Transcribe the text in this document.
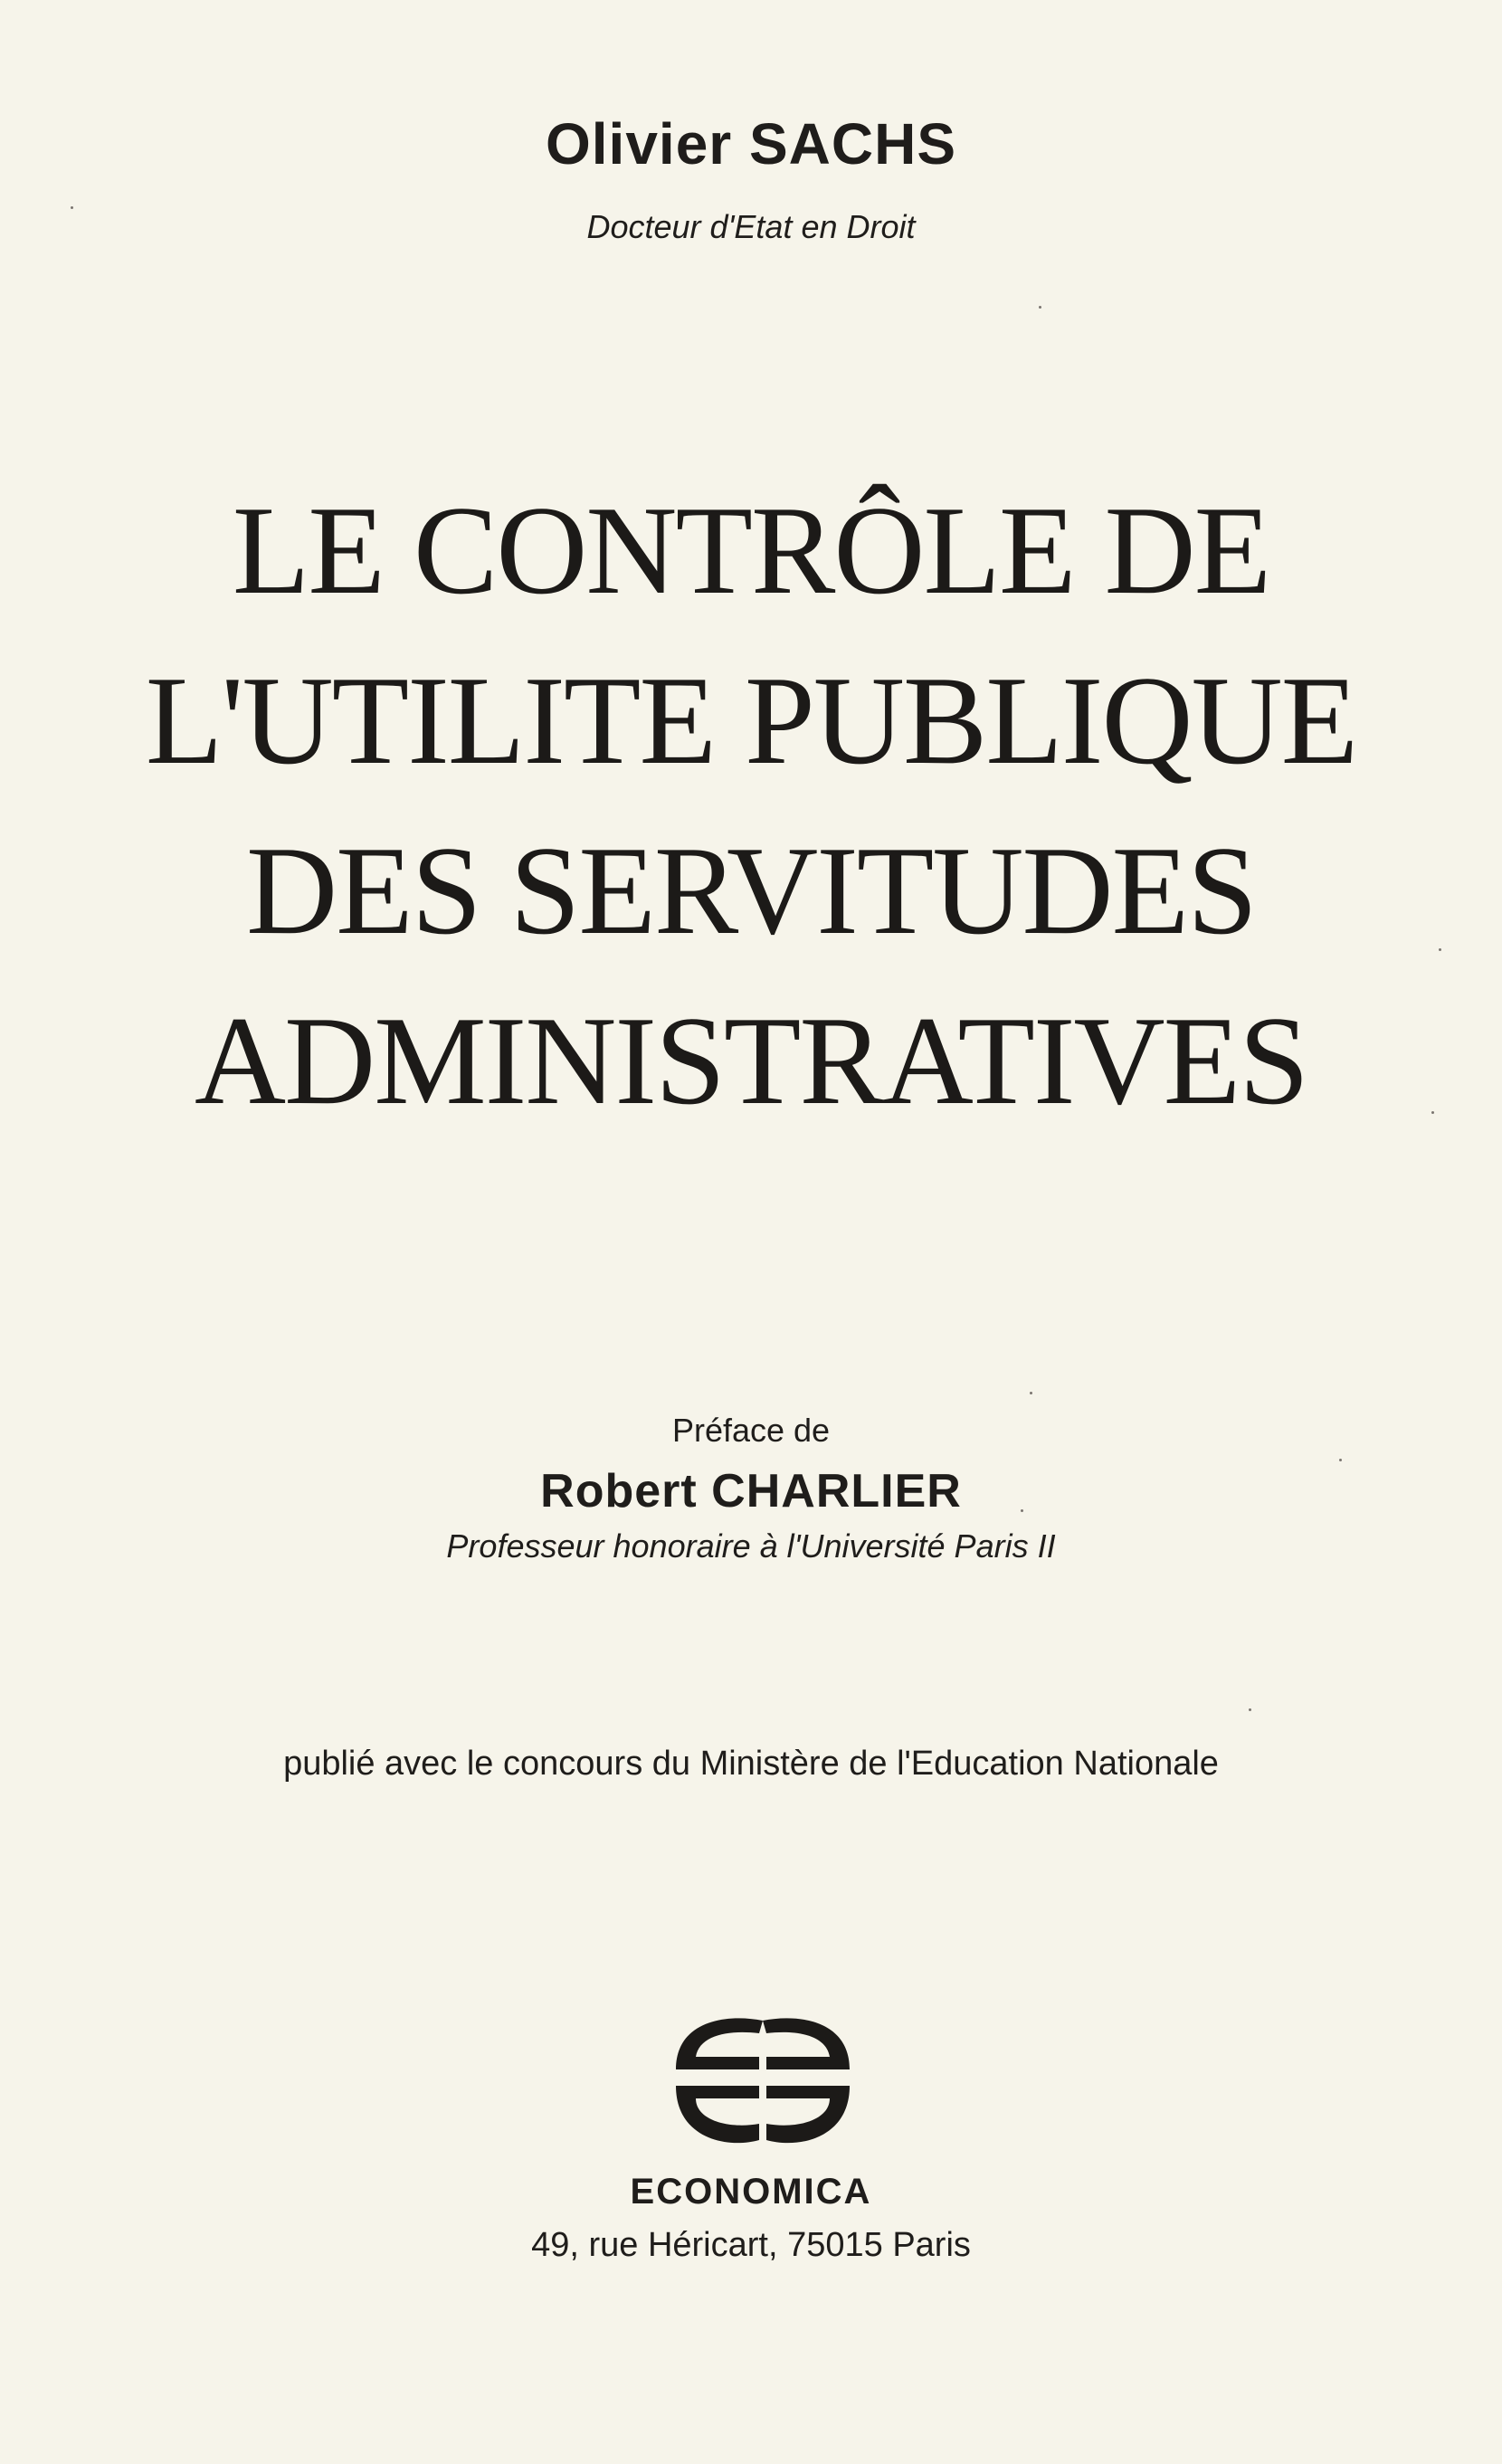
Olivier SACHS
Docteur d'Etat en Droit
LE CONTRÔLE DE
L'UTILITE PUBLIQUE
DES SERVITUDES
ADMINISTRATIVES
Préface de
Robert CHARLIER
Professeur honoraire à l'Université Paris II
publié avec le concours du Ministère de l'Education Nationale
ECONOMICA
49, rue Héricart, 75015 Paris
